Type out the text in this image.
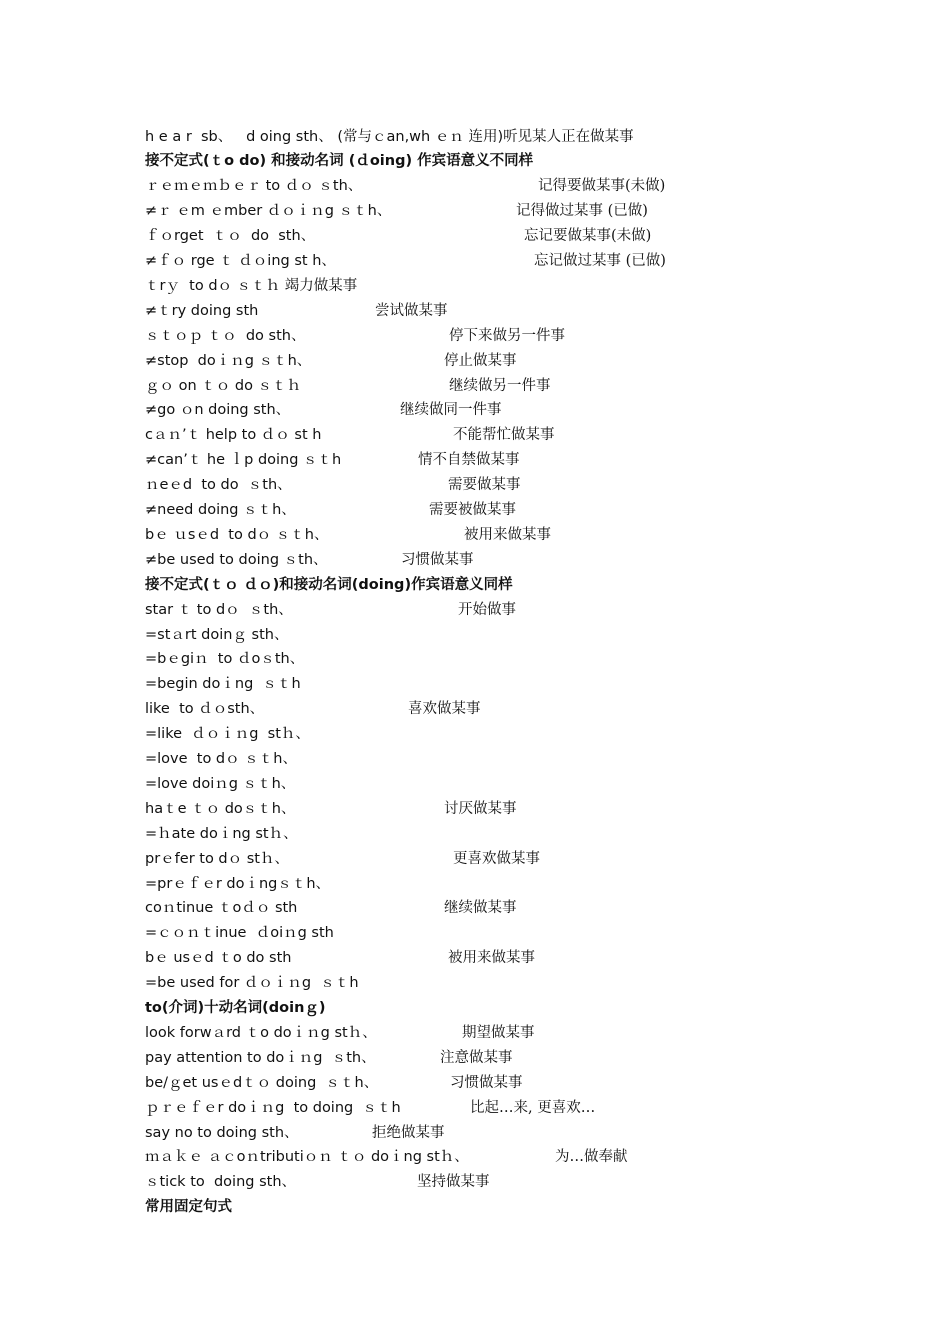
h e a r  sb、   d oing sth、 (常与ｃan,wh ｅｎ 连用)听见某人正在做某事
接不定式(ｔo do) 和接动名词 (ｄoing) 作宾语意义不同样
ｒｅｍｅｍｂｅｒ to ｄｏ ｓth、	记得要做某事(未做)
≠ｒ ｅm ｅmber ｄｏｉｎg ｓｔh、	记得做过某事 (已做)
ｆｏrget  ｔｏ  do  sth、	忘记要做某事(未做)
≠ｆｏ rge ｔ ｄｏing st h、	忘记做过某事 (已做)
ｔrｙ  to dｏ ｓｔｈ 竭力做某事
≠ｔry doing sth	尝试做某事
ｓｔｏｐ ｔｏ  do sth、	停下来做另一件事
≠stop  doｉｎg ｓｔh、	停止做某事
ｇｏ on ｔｏ do ｓｔｈ	继续做另一件事
≠go ｏn doing sth、	继续做同一件事
cａｎ’ｔ help to ｄｏ st h	不能帮忙做某事
≠can’ｔ he ｌp doing ｓｔh	情不自禁做某事
ｎeｅd  to do  ｓth、	需要做某事
≠need doing ｓｔh、	需要被做某事
bｅ ｕsｅd  to dｏ ｓｔh、	被用来做某事
≠be used to doing ｓth、	习惯做某事
接不定式(ｔｏ ｄｏ)和接动名词(doing)作宾语意义同样
star ｔ to dｏ  ｓth、	开始做事
=stａrt doinｇ sth、
=bｅgiｎ  to ｄoｓth、
=begin doｉng  ｓｔh
like  to ｄｏsth、	喜欢做某事
=like  ｄｏｉｎg  stｈ、
=love  to dｏ ｓｔh、
=love doiｎg ｓｔh、
haｔe ｔｏ doｓｔh、	讨厌做某事
=ｈate doｉng stｈ、
prｅfer to dｏ stｈ、	更喜欢做某事
=prｅｆｅr doｉngｓｔh、
coｎtinue ｔoｄｏ sth	继续做某事
=ｃｏｎｔinue  ｄoiｎg sth
bｅ usｅd ｔo do sth	被用来做某事
=be used for ｄｏｉｎg  ｓｔh
to(介词)十动名词(doinｇ)
look forwａrd ｔo doｉｎg stｈ、	期望做某事
pay attention to doｉｎg  ｓth、	注意做某事
be/ｇet usｅdｔｏ doing  ｓｔh、	习惯做某事
ｐｒｅｆｅr doｉｎg  to doing  ｓｔh	比起…来, 更喜欢…
say no to doing sth、	拒绝做某事
ｍａｋｅ ａｃoｎtributiｏｎ ｔｏ doｉng stｈ、	为…做奉献
ｓtick to  doing sth、	坚持做某事
常用固定句式
